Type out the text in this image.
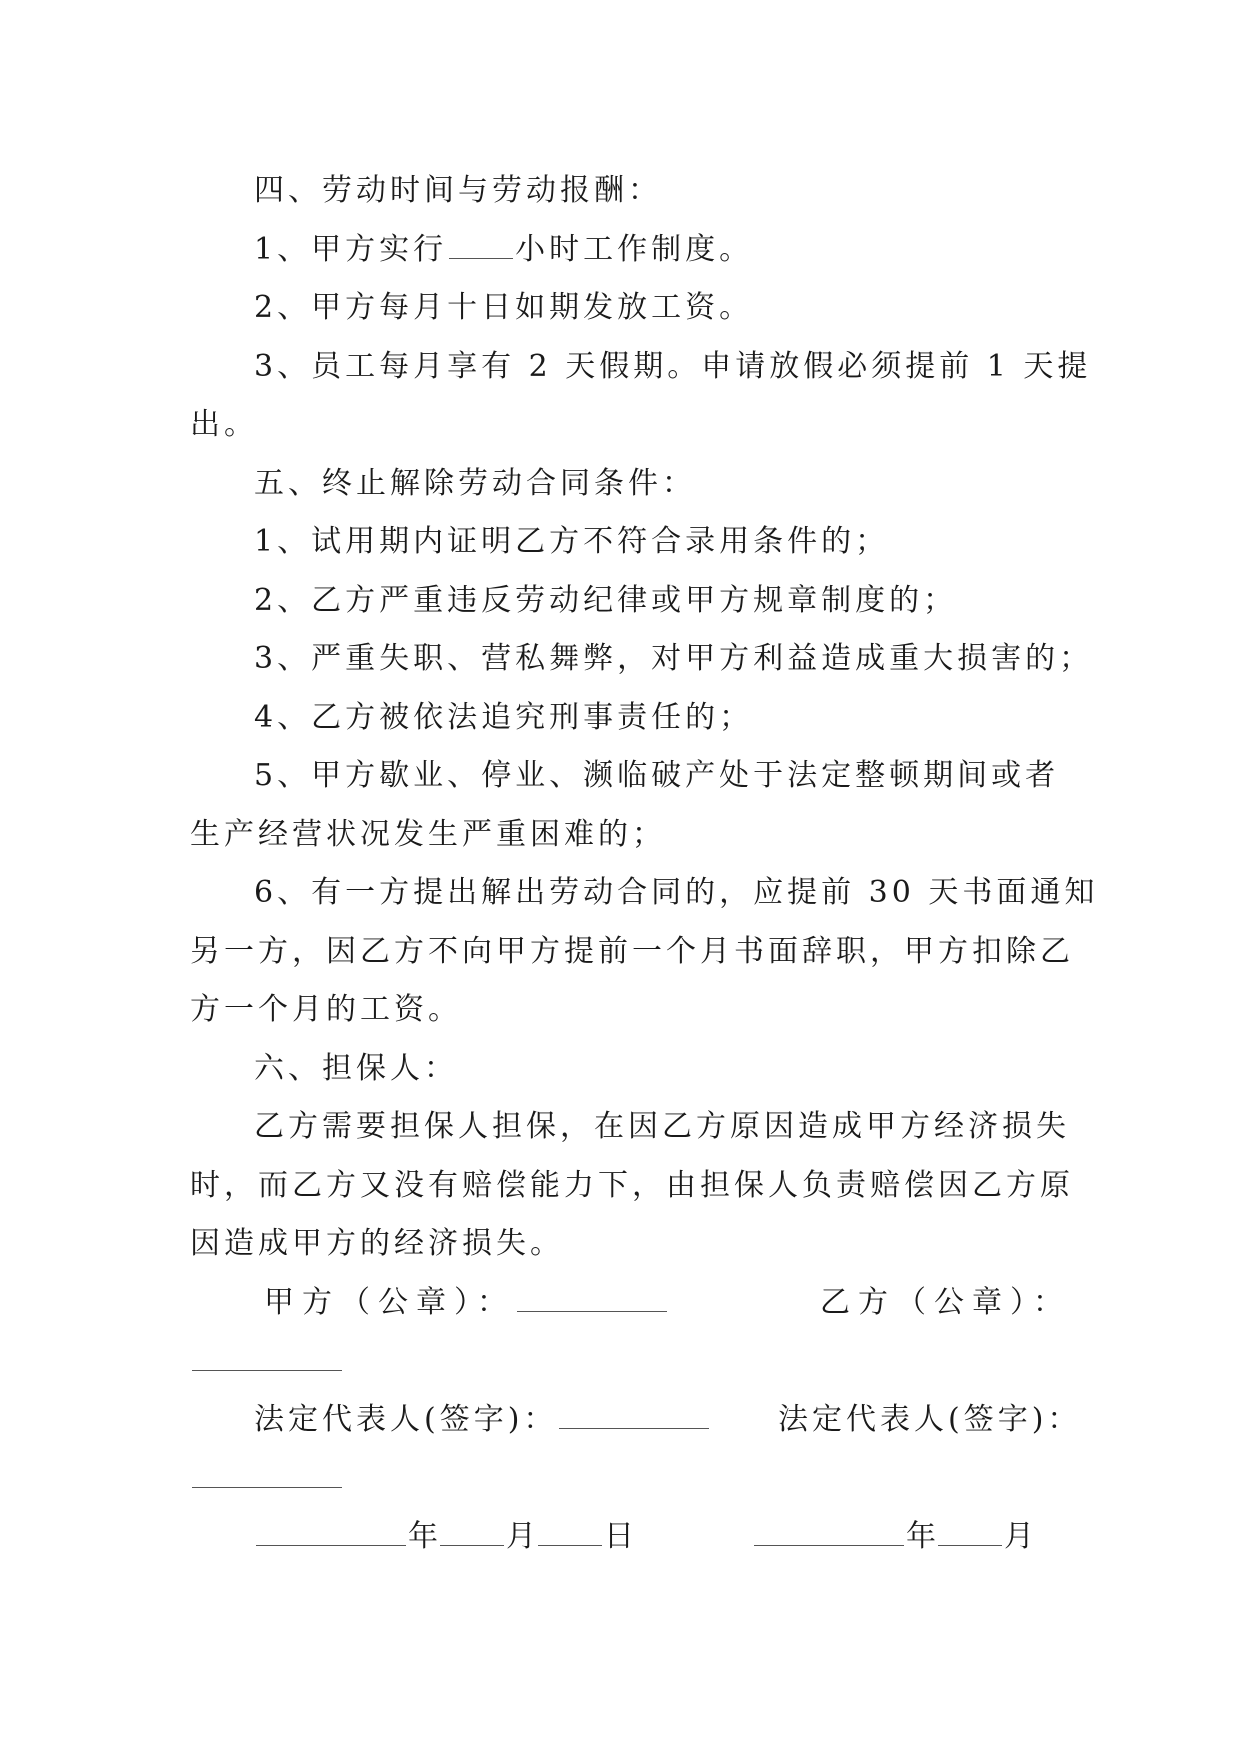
四、劳动时间与劳动报酬：
1、甲方实行 小时工作制度。
2、甲方每月十日如期发放工资。
3、员工每月享有 2 天假期。申请放假必须提前 1 天提
出。
五、终止解除劳动合同条件：
1、试用期内证明乙方不符合录用条件的；
2、乙方严重违反劳动纪律或甲方规章制度的；
3、严重失职、营私舞弊，对甲方利益造成重大损害的；
4、乙方被依法追究刑事责任的；
5、甲方歇业、停业、濒临破产处于法定整顿期间或者
生产经营状况发生严重困难的；
6、有一方提出解出劳动合同的，应提前 30 天书面通知
另一方，因乙方不向甲方提前一个月书面辞职，甲方扣除乙
方一个月的工资。
六、担保人：
乙方需要担保人担保，在因乙方原因造成甲方经济损失
时，而乙方又没有赔偿能力下，由担保人负责赔偿因乙方原
因造成甲方的经济损失。
甲方（公章）：	乙方（公章）：
法定代表人(签字)：	法定代表人(签字)：
年 月 日	年 月
